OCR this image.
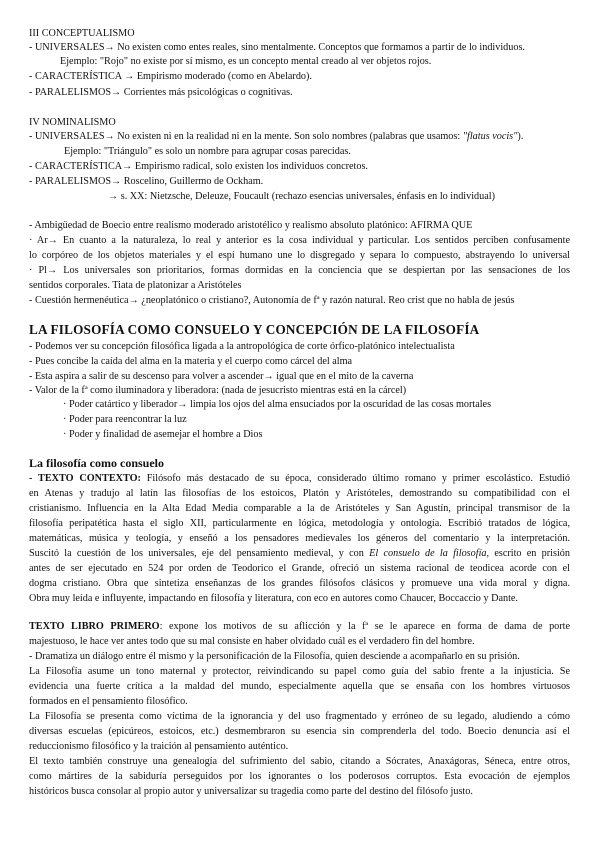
III CONCEPTUALISMO
- UNIVERSALES→ No existen como entes reales, sino mentalmente. Conceptos que formamos a partir de lo individuos.
Ejemplo: "Rojo" no existe por sí mismo, es un concepto mental creado al ver objetos rojos.
- CARACTERÍSTICA → Empirismo moderado (como en Abelardo).
- PARALELISMOS→ Corrientes más psicológicas o cognitivas.
IV NOMINALISMO
- UNIVERSALES→ No existen ni en la realidad ni en la mente. Son solo nombres (palabras que usamos: "flatus vocis").
Ejemplo: "Triángulo" es solo un nombre para agrupar cosas parecidas.
- CARACTERÍSTICA→ Empirismo radical, solo existen los individuos concretos.
- PARALELISMOS→ Roscelino, Guillermo de Ockham.
→ s. XX: Nietzsche, Deleuze, Foucault (rechazo esencias universales, énfasis en lo individual)
- Ambigüedad de Boecio entre realismo moderado aristotélico y realismo absoluto platónico: AFIRMA QUE
· Ar→ En cuanto a la naturaleza, lo real y anterior es la cosa individual y particular. Los sentidos perciben confusamente
lo corpóreo de los objetos materiales y el espí humano une lo disgregado y separa lo compuesto, abstrayendo lo universal
· Pl→ Los universales son prioritarios, formas dormidas en la conciencia que se despiertan por las sensaciones de los
sentidos corporales. Tiata de platonizar a Aristóteles
- Cuestión hermenéutica→ ¿neoplatónico o cristiano?, Autonomía de fª y razón natural. Reo crist que no habla de jesús
LA FILOSOFÍA COMO CONSUELO Y CONCEPCIÓN DE LA FILOSOFÍA
- Podemos ver su concepción filosófica ligada a la antropológica de corte órfico-platónico intelectualista
- Pues concibe la caída del alma en la materia y el cuerpo como cárcel del alma
- Esta aspira a salir de su descenso para volver a ascender→ igual que en el mito de la caverna
- Valor de la fª como iluminadora y liberadora: (nada de jesucristo mientras está en la cárcel)
· Poder catártico y liberador→ limpia los ojos del alma ensuciados por la oscuridad de las cosas mortales
· Poder para reencontrar la luz
· Poder y finalidad de asemejar el hombre a Dios
La filosofía como consuelo
- TEXTO CONTEXTO: Filósofo más destacado de su época, considerado último romano y primer escolástico. Estudió
en Atenas y tradujo al latín las filosofías de los estoicos, Platón y Aristóteles, demostrando su compatibilidad con el
cristianismo. Influencia en la Alta Edad Media comparable a la de Aristóteles y San Agustín, principal transmisor de la
filosofía peripatética hasta el siglo XII, particularmente en lógica, metodología y ontología. Escribió tratados de lógica,
matemáticas, música y teología, y enseñó a los pensadores medievales los géneros del comentario y la interpretación.
Suscitó la cuestión de los universales, eje del pensamiento medieval, y con El consuelo de la filosofía, escrito en prisión
antes de ser ejecutado en 524 por orden de Teodorico el Grande, ofreció un sistema racional de teodicea acorde con el
dogma cristiano. Obra que sintetiza enseñanzas de los grandes filósofos clásicos y promueve una vida moral y digna.
Obra muy leída e influyente, impactando en filosofía y literatura, con eco en autores como Chaucer, Boccaccio y Dante.
TEXTO LIBRO PRIMERO: expone los motivos de su aflicción y la fª se le aparece en forma de dama de porte
majestuoso, le hace ver antes todo que su mal consiste en haber olvidado cuál es el verdadero fin del hombre.
- Dramatiza un diálogo entre él mismo y la personificación de la Filosofía, quien desciende a acompañarlo en su prisión.
La Filosofía asume un tono maternal y protector, reivindicando su papel como guía del sabio frente a la injusticia. Se
evidencia una fuerte crítica a la maldad del mundo, especialmente aquella que se ensaña con los hombres virtuosos
formados en el pensamiento filosófico.
La Filosofía se presenta como víctima de la ignorancia y del uso fragmentado y erróneo de su legado, aludiendo a cómo
diversas escuelas (epicúreos, estoicos, etc.) desmembraron su esencia sin comprenderla del todo. Boecio denuncia así el
reduccionismo filosófico y la traición al pensamiento auténtico.
El texto también construye una genealogía del sufrimiento del sabio, citando a Sócrates, Anaxágoras, Séneca, entre otros,
como mártires de la sabiduría perseguidos por los ignorantes o los poderosos corruptos. Esta evocación de ejemplos
históricos busca consolar al propio autor y universalizar su tragedia como parte del destino del filósofo justo.
